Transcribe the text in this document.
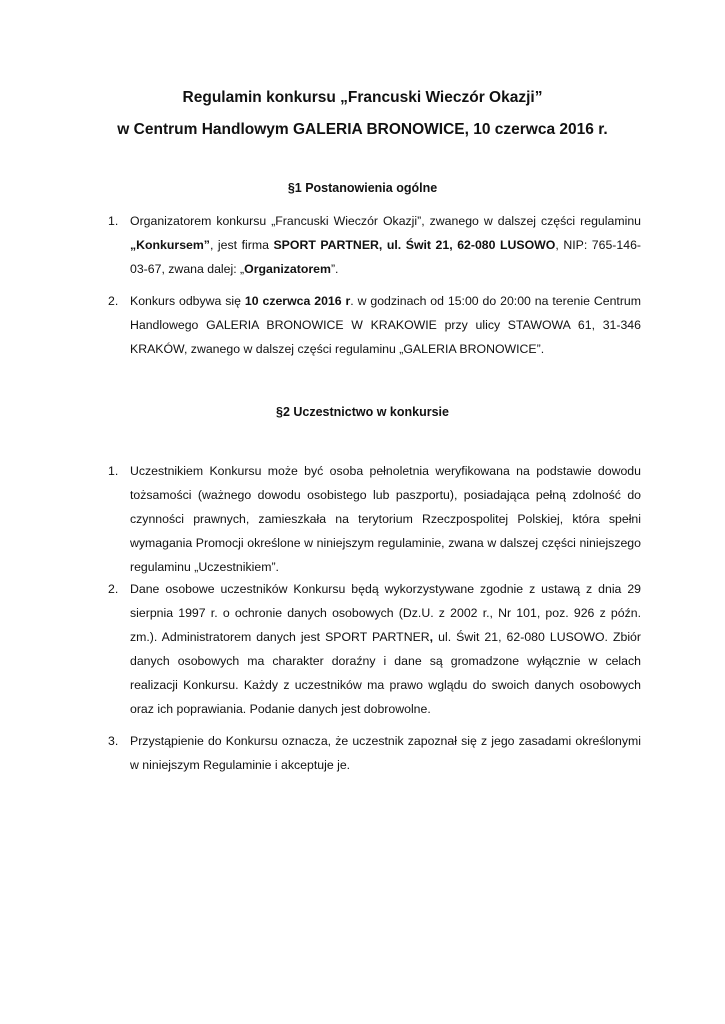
Regulamin konkursu „Francuski Wieczór Okazji”
w Centrum Handlowym GALERIA BRONOWICE, 10 czerwca 2016 r.
§1 Postanowienia ogólne
1. Organizatorem konkursu „Francuski Wieczór Okazji”, zwanego w dalszej części regulaminu „Konkursem”, jest firma SPORT PARTNER, ul. Świt 21, 62-080 LUSOWO, NIP: 765-146-03-67, zwana dalej: „Organizatorem”.
2. Konkurs odbywa się 10 czerwca 2016 r. w godzinach od 15:00 do 20:00 na terenie Centrum Handlowego GALERIA BRONOWICE W KRAKOWIE przy ulicy STAWOWA 61, 31-346 KRAKÓW, zwanego w dalszej części regulaminu „GALERIA BRONOWICE”.
§2 Uczestnictwo w konkursie
1. Uczestnikiem Konkursu może być osoba pełnoletnia weryfikowana na podstawie dowodu tożsamości (ważnego dowodu osobistego lub paszportu), posiadająca pełną zdolność do czynności prawnych, zamieszkała na terytorium Rzeczpospolitej Polskiej, która spełni wymagania Promocji określone w niniejszym regulaminie, zwana w dalszej części niniejszego regulaminu „Uczestnikiem”.
2. Dane osobowe uczestników Konkursu będą wykorzystywane zgodnie z ustawą z dnia 29 sierpnia 1997 r. o ochronie danych osobowych (Dz.U. z 2002 r., Nr 101, poz. 926 z późn. zm.). Administratorem danych jest SPORT PARTNER, ul. Świt 21, 62-080 LUSOWO. Zbiór danych osobowych ma charakter doraźny i dane są gromadzone wyłącznie w celach realizacji Konkursu. Każdy z uczestników ma prawo wglądu do swoich danych osobowych oraz ich poprawiania. Podanie danych jest dobrowolne.
3. Przystąpienie do Konkursu oznacza, że uczestnik zapoznał się z jego zasadami określonymi w niniejszym Regulaminie i akceptuje je.
